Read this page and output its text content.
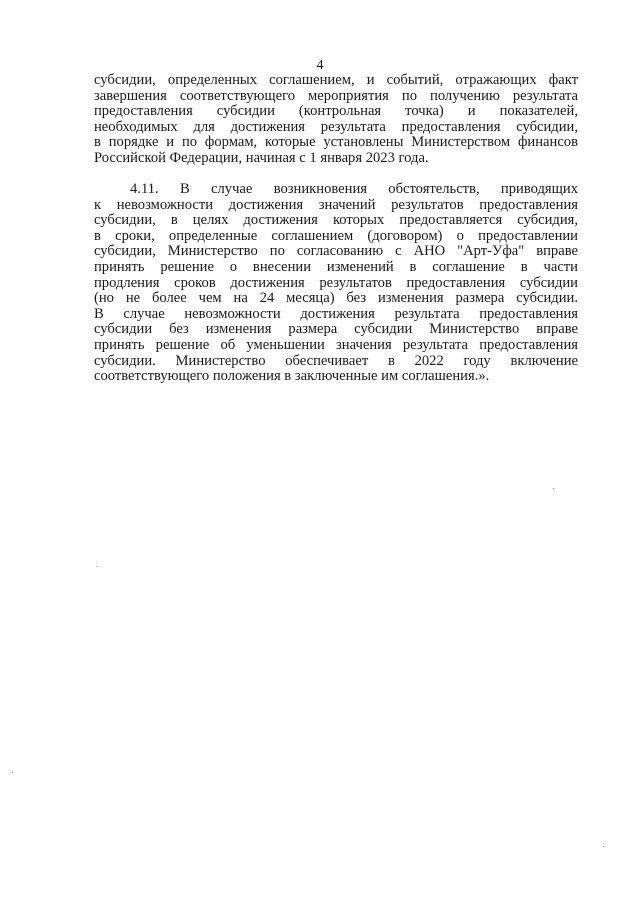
4
субсидии, определенных соглашением, и событий, отражающих факт
завершения соответствующего мероприятия по получению результата
предоставления субсидии (контрольная точка) и показателей,
необходимых для достижения результата предоставления субсидии,
в порядке и по формам, которые установлены Министерством финансов
Российской Федерации, начиная с 1 января 2023 года.
4.11. В случае возникновения обстоятельств, приводящих
к невозможности достижения значений результатов предоставления
субсидии, в целях достижения которых предоставляется субсидия,
в сроки, определенные соглашением (договором) о предоставлении
субсидии, Министерство по согласованию с АНО "Арт-Уфа" вправе
принять решение о внесении изменений в соглашение в части
продления сроков достижения результатов предоставления субсидии
(но не более чем на 24 месяца) без изменения размера субсидии.
В случае невозможности достижения результата предоставления
субсидии без изменения размера субсидии Министерство вправе
принять решение об уменьшении значения результата предоставления
субсидии. Министерство обеспечивает в 2022 году включение
соответствующего положения в заключенные им соглашения.».
